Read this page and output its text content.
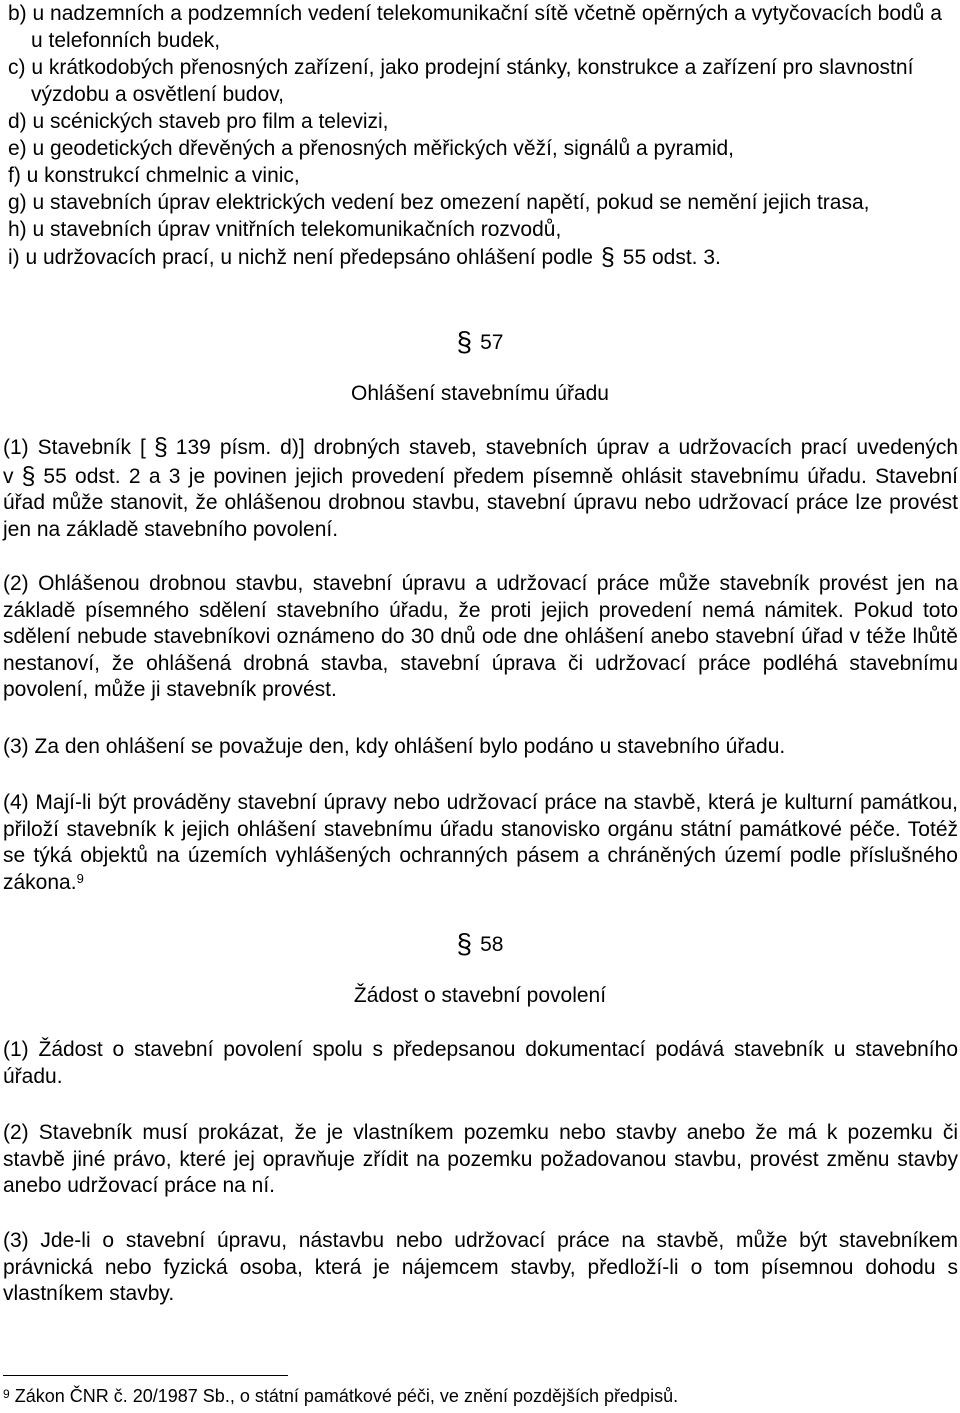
b) u nadzemních a podzemních vedení telekomunikační sítě včetně opěrných a vytyčovacích bodů a u telefonních budek,

c) u krátkodobých přenosných zařízení, jako prodejní stánky, konstrukce a zařízení pro slavnostní výzdobu a osvětlení budov,

d) u scénických staveb pro film a televizi,

e) u geodetických dřevěných a přenosných měřických věží, signálů a pyramid,

f) u konstrukcí chmelnic a vinic,

g) u stavebních úprav elektrických vedení bez omezení napětí, pokud se nemění jejich trasa,

h) u stavebních úprav vnitřních telekomunikačních rozvodů,

i) u udržovacích prací, u nichž není předepsáno ohlášení podle § 55 odst. 3.

§ 57
Ohlášení stavebnímu úřadu

(1) Stavebník [ § 139 písm. d)] drobných staveb, stavebních úprav a udržovacích prací uvedených v § 55 odst. 2 a 3 je povinen jejich provedení předem písemně ohlásit stavebnímu úřadu. Stavební úřad může stanovit, že ohlášenou drobnou stavbu, stavební úpravu nebo udržovací práce lze provést jen na základě stavebního povolení.

(2) Ohlášenou drobnou stavbu, stavební úpravu a udržovací práce může stavebník provést jen na základě písemného sdělení stavebního úřadu, že proti jejich provedení nemá námitek. Pokud toto sdělení nebude stavebníkovi oznámeno do 30 dnů ode dne ohlášení anebo stavební úřad v téže lhůtě nestanoví, že ohlášená drobná stavba, stavební úprava či udržovací práce podléhá stavebnímu povolení, může ji stavebník provést.

(3) Za den ohlášení se považuje den, kdy ohlášení bylo podáno u stavebního úřadu.

(4) Mají-li být prováděny stavební úpravy nebo udržovací práce na stavbě, která je kulturní památkou, přiloží stavebník k jejich ohlášení stavebnímu úřadu stanovisko orgánu státní památkové péče. Totéž se týká objektů na územích vyhlášených ochranných pásem a chráněných území podle příslušného zákona.$^9$

§ 58
Žádost o stavební povolení

(1) Žádost o stavební povolení spolu s předepsanou dokumentací podává stavebník u stavebního úřadu.

(2) Stavebník musí prokázat, že je vlastníkem pozemku nebo stavby anebo že má k pozemku či stavbě jiné právo, které jej opravňuje zřídit na pozemku požadovanou stavbu, provést změnu stavby anebo udržovací práce na ní.

(3) Jde-li o stavební úpravu, nástavbu nebo udržovací práce na stavbě, může být stavebníkem právnická nebo fyzická osoba, která je nájemcem stavby, předloží-li o tom písemnou dohodu s vlastníkem stavby.

$^9$ Zákon ČNR č. 20/1987 Sb., o státní památkové péči, ve znění pozdějších předpisů.
